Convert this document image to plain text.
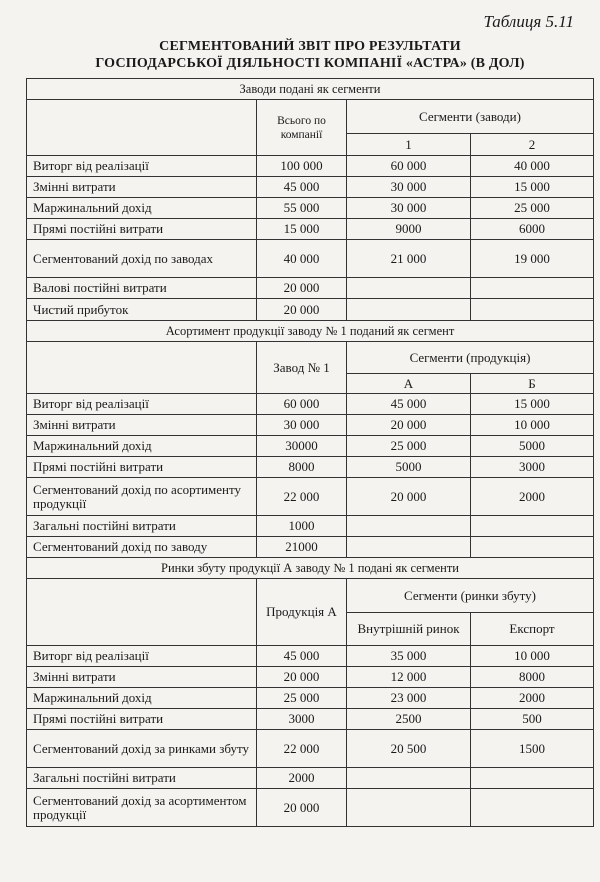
Таблиця 5.11
СЕГМЕНТОВАНИЙ ЗВІТ ПРО РЕЗУЛЬТАТИ
ГОСПОДАРСЬКОЇ ДІЯЛЬНОСТІ КОМПАНІЇ «АСТРА» (В ДОЛ)
Заводи подані як сегменти			
	Всього по компанії	Сегменти (заводи)	
		1	2
Виторг від реалізації	100 000	60 000	40 000
Змінні витрати	45 000	30 000	15 000
Маржинальний дохід	55 000	30 000	25 000
Прямі постійні витрати	15 000	9000	6000
Сегментований дохід по заводах	40 000	21 000	19 000
Валові постійні витрати	20 000		
Чистий прибуток	20 000		
Асортимент продукції заводу № 1 поданий як сегмент			
	Завод № 1	Сегменти (продукція)	
		А	Б
Виторг від реалізації	60 000	45 000	15 000
Змінні витрати	30 000	20 000	10 000
Маржинальний дохід	30000	25 000	5000
Прямі постійні витрати	8000	5000	3000
Сегментований дохід по асортименту продукції	22 000	20 000	2000
Загальні постійні витрати	1000		
Сегментований дохід по заводу	21000		
Ринки збуту продукції А заводу № 1 подані як сегменти			
	Продукція А	Сегменти (ринки збуту)	
		Внутрішній ринок	Експорт
Виторг від реалізації	45 000	35 000	10 000
Змінні витрати	20 000	12 000	8000
Маржинальний дохід	25 000	23 000	2000
Прямі постійні витрати	3000	2500	500
Сегментований дохід за ринками збуту	22 000	20 500	1500
Загальні постійні витрати	2000		
Сегментований дохід за асортиментом продукції	20 000		
